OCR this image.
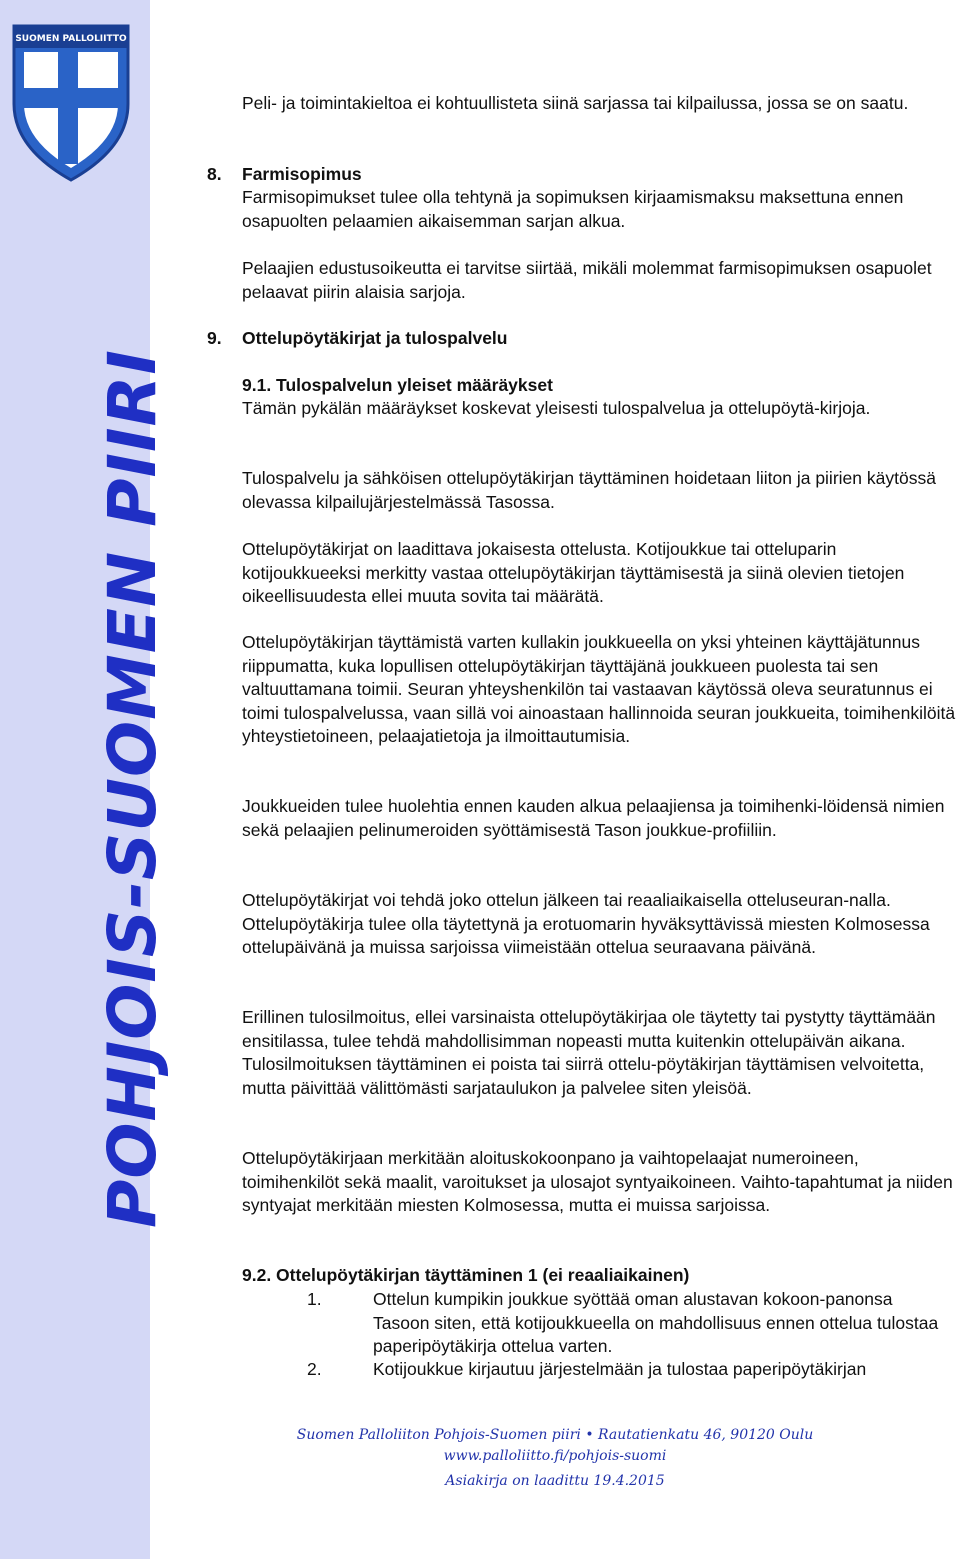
SUOMEN PALLOLIITTO
POHJOIS-SUOMEN PIIRI

Peli- ja toimintakieltoa ei kohtuullisteta siinä sarjassa tai kilpailussa, jossa se on saatu.

8. Farmisopimus

Farmisopimukset tulee olla tehtynä ja sopimuksen kirjaamismaksu maksettuna ennen osapuolten pelaamien aikaisemman sarjan alkua.

Pelaajien edustusoikeutta ei tarvitse siirtää, mikäli molemmat farmisopimuksen osapuolet pelaavat piirin alaisia sarjoja.

9. Ottelupöytäkirjat ja tulospalvelu

9.1. Tulospalvelun yleiset määräykset

Tämän pykälän määräykset koskevat yleisesti tulospalvelua ja ottelupöytä-kirjoja.

Tulospalvelu ja sähköisen ottelupöytäkirjan täyttäminen hoidetaan liiton ja piirien käytössä olevassa kilpailujärjestelmässä Tasossa.

Ottelupöytäkirjat on laadittava jokaisesta ottelusta. Kotijoukkue tai otteluparin kotijoukkueeksi merkitty vastaa ottelupöytäkirjan täyttämisestä ja siinä olevien tietojen oikeellisuudesta ellei muuta sovita tai määrätä.

Ottelupöytäkirjan täyttämistä varten kullakin joukkueella on yksi yhteinen käyttäjätunnus riippumatta, kuka lopullisen ottelupöytäkirjan täyttäjänä joukkueen puolesta tai sen valtuuttamana toimii. Seuran yhteyshenkilön tai vastaavan käytössä oleva seuratunnus ei toimi tulospalvelussa, vaan sillä voi ainoastaan hallinnoida seuran joukkueita, toimihenkilöitä yhteystietoineen, pelaajatietoja ja ilmoittautumisia.

Joukkueiden tulee huolehtia ennen kauden alkua pelaajiensa ja toimihenki-löidensä nimien sekä pelaajien pelinumeroiden syöttämisestä Tason joukkue-profiiliin.

Ottelupöytäkirjat voi tehdä joko ottelun jälkeen tai reaaliaikaisella otteluseuran-nalla. Ottelupöytäkirja tulee olla täytettynä ja erotuomarin hyväksyttävissä miesten Kolmosessa ottelupäivänä ja muissa sarjoissa viimeistään ottelua seuraavana päivänä.

Erillinen tulosilmoitus, ellei varsinaista ottelupöytäkirjaa ole täytetty tai pystytty täyttämään ensitilassa, tulee tehdä mahdollisimman nopeasti mutta kuitenkin ottelupäivän aikana. Tulosilmoituksen täyttäminen ei poista tai siirrä ottelu-pöytäkirjan täyttämisen velvoitetta, mutta päivittää välittömästi sarjataulukon ja palvelee siten yleisöä.

Ottelupöytäkirjaan merkitään aloituskokoonpano ja vaihtopelaajat numeroineen, toimihenkilöt sekä maalit, varoitukset ja ulosajot syntyaikoineen. Vaihto-tapahtumat ja niiden syntyajat merkitään miesten Kolmosessa, mutta ei muissa sarjoissa.

9.2. Ottelupöytäkirjan täyttäminen 1 (ei reaaliaikainen)

1.	Ottelun kumpikin joukkue syöttää oman alustavan kokoon-panonsa Tasoon siten, että kotijoukkueella on mahdollisuus ennen ottelua tulostaa paperipöytäkirja ottelua varten.

2.	Kotijoukkue kirjautuu järjestelmään ja tulostaa paperipöytäkirjan

Suomen Palloliiton Pohjois-Suomen piiri • Rautatienkatu 46, 90120 Oulu
www.palloliitto.fi/pohjois-suomi
Asiakirja on laadittu 19.4.2015
